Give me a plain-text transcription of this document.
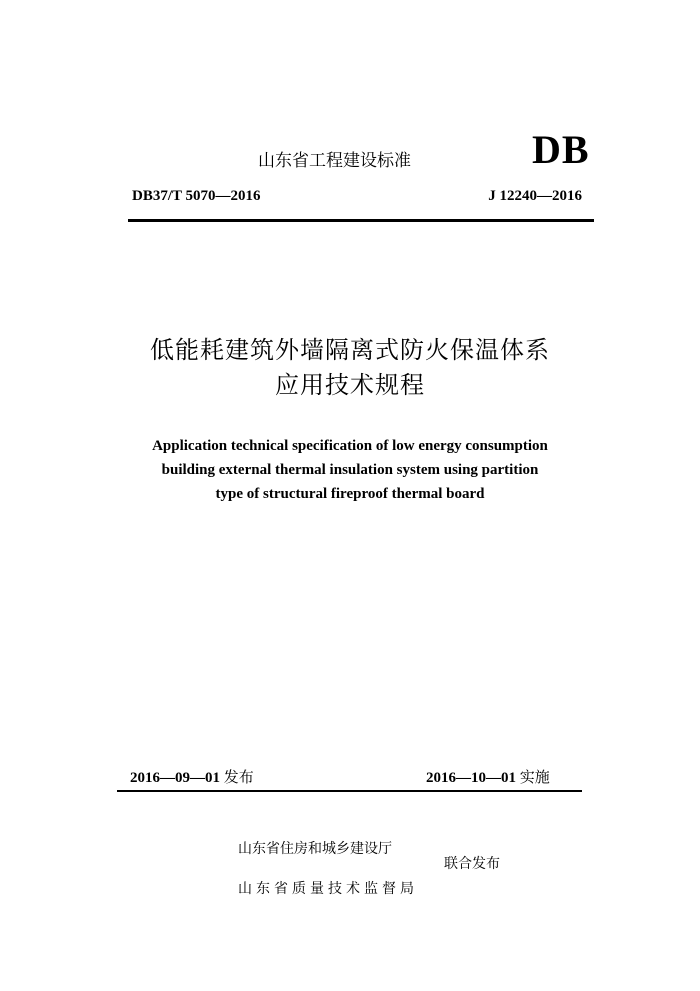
山东省工程建设标准	DB
DB37/T 5070—2016	J 12240—2016
低能耗建筑外墙隔离式防火保温体系
应用技术规程
Application technical specification of low energy consumption
building external thermal insulation system using partition
type of structural fireproof thermal board
2016—09—01 发布	2016—10—01 实施
山东省住房和城乡建设厅
山东省质量技术监督局
联合发布
